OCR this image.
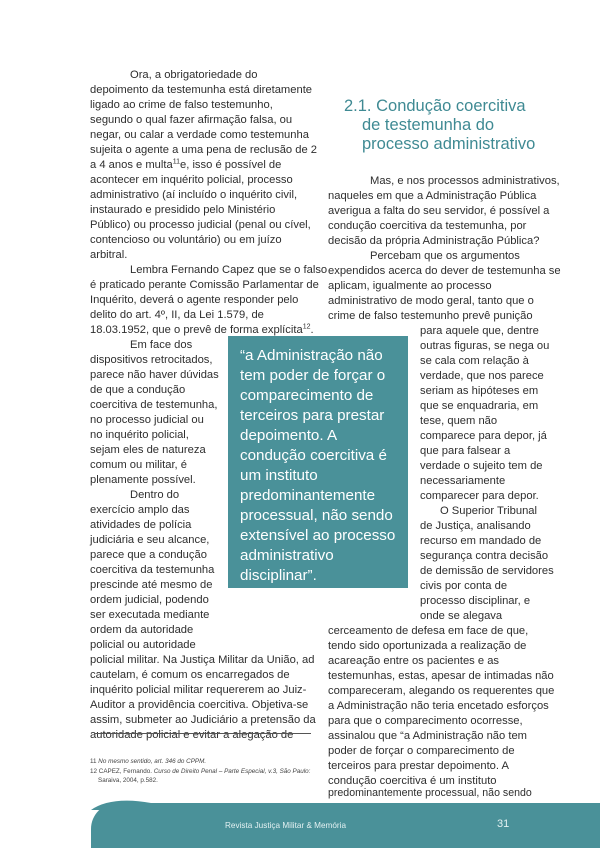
Ora, a obrigatoriedade do
depoimento da testemunha está diretamente
ligado ao crime de falso testemunho,
segundo o qual fazer afirmação falsa, ou
negar, ou calar a verdade como testemunha
sujeita o agente a uma pena de reclusão de 2
a 4 anos e multa$^{11}$e, isso é possível de
acontecer em inquérito policial, processo
administrativo (aí incluído o inquérito civil,
instaurado e presidido pelo Ministério
Público) ou processo judicial (penal ou cível,
contencioso ou voluntário) ou em juízo
arbitral.
Lembra Fernando Capez que se o falso
é praticado perante Comissão Parlamentar de
Inquérito, deverá o agente responder pelo
delito do art. 4º, II, da Lei 1.579, de
18.03.1952, que o prevê de forma explícita$^{12}$.
Em face dos
dispositivos retrocitados,
parece não haver dúvidas
de que a condução
coercitiva de testemunha,
no processo judicial ou
no inquérito policial,
sejam eles de natureza
comum ou militar, é
plenamente possível.
Dentro do
exercício amplo das
atividades de polícia
judiciária e seu alcance,
parece que a condução
coercitiva da testemunha
prescinde até mesmo de
ordem judicial, podendo
ser executada mediante
ordem da autoridade
policial ou autoridade
policial militar. Na Justiça Militar da União, ad
cautelam, é comum os encarregados de
inquérito policial militar requererem ao Juiz-
Auditor a providência coercitiva. Objetiva-se
assim, submeter ao Judiciário a pretensão da
autoridade policial e evitar a alegação de
2.1. Condução coercitiva
de testemunha do
processo administrativo
Mas, e nos processos administrativos,
naqueles em que a Administração Pública
averigua a falta do seu servidor, é possível a
condução coercitiva da testemunha, por
decisão da própria Administração Pública?
Percebam que os argumentos
expendidos acerca do dever de testemunha se
aplicam, igualmente ao processo
administrativo de modo geral, tanto que o
crime de falso testemunho prevê punição
para aquele que, dentre
outras figuras, se nega ou
se cala com relação à
verdade, que nos parece
seriam as hipóteses em
que se enquadraria, em
tese, quem não
comparece para depor, já
que para falsear a
verdade o sujeito tem de
necessariamente
comparecer para depor.
O Superior Tribunal
de Justiça, analisando
recurso em mandado de
segurança contra decisão
de demissão de servidores
civis por conta de
processo disciplinar, e
onde se alegava
cerceamento de defesa em face de que,
tendo sido oportunizada a realização de
acareação entre os pacientes e as
testemunhas, estas, apesar de intimadas não
compareceram, alegando os requerentes que
a Administração não teria encetado esforços
para que o comparecimento ocorresse,
assinalou que “a Administração não tem
poder de forçar o comparecimento de
terceiros para prestar depoimento. A
condução coercitiva é um instituto
predominantemente processual, não sendo
“a Administração não
tem poder de forçar o
comparecimento de
terceiros para prestar
depoimento. A
condução coercitiva é
um instituto
predominantemente
processual, não sendo
extensível ao processo
administrativo
disciplinar”.
11 No mesmo sentido, art. 346 do CPPM.
12 CAPEZ, Fernando. Curso de Direito Penal – Parte Especial, v.3, São Paulo:
Saraiva, 2004, p.582.
Revista Justiça Militar & Memória	31
